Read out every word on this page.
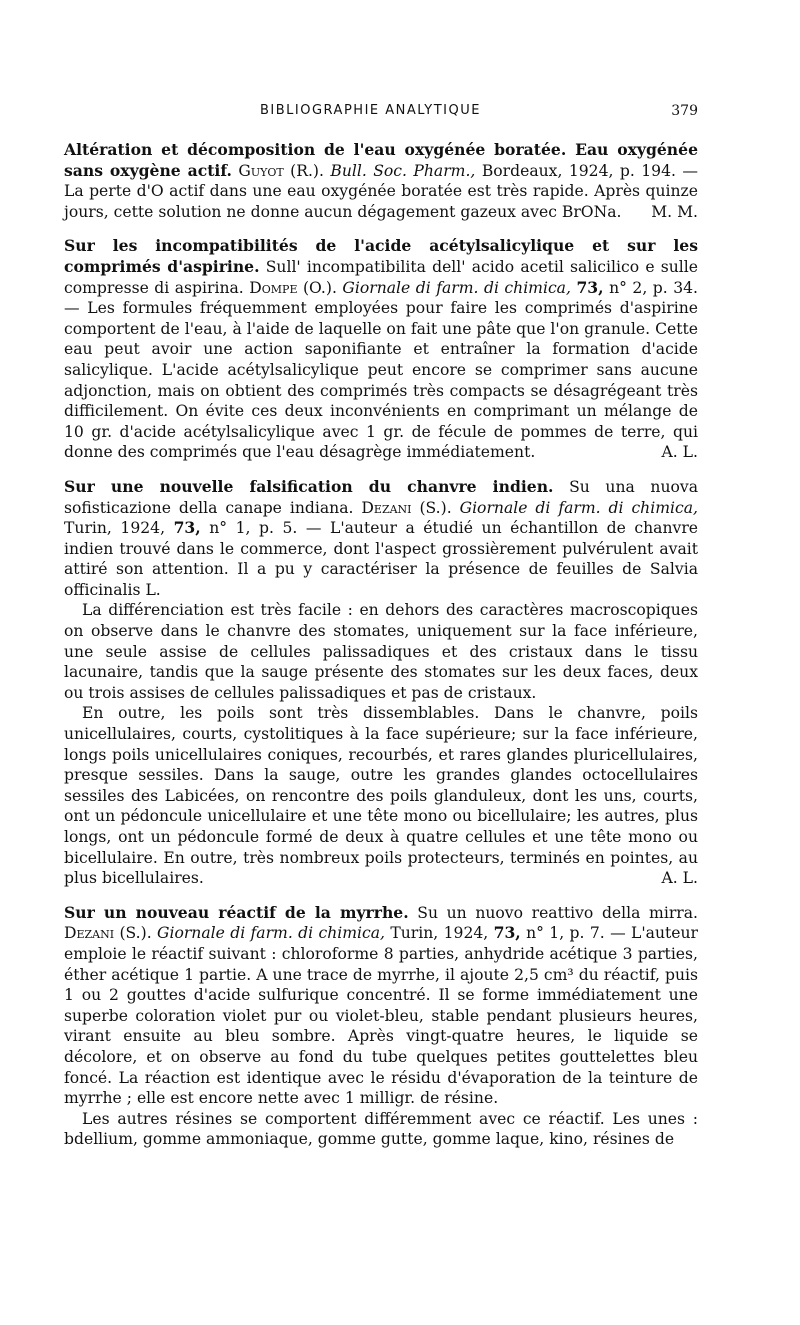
BIBLIOGRAPHIE ANALYTIQUE	379

Altération et décomposition de l'eau oxygénée boratée. Eau oxygénée sans oxygène actif. Guyot (R.). Bull. Soc. Pharm., Bordeaux, 1924, p. 194. — La perte d'O actif dans une eau oxygénée boratée est très rapide. Après quinze jours, cette solution ne donne aucun dégagement gazeux avec BrONa. M. M.

Sur les incompatibilités de l'acide acétylsalicylique et sur les comprimés d'aspirine. Sull' incompatibilita dell' acido acetil salicilico e sulle compresse di aspirina. Dompe (O.). Giornale di farm. di chimica, 73, n° 2, p. 34. — Les formules fréquemment employées pour faire les comprimés d'aspirine comportent de l'eau, à l'aide de laquelle on fait une pâte que l'on granule. Cette eau peut avoir une action saponifiante et entraîner la formation d'acide salicylique. L'acide acétylsalicylique peut encore se comprimer sans aucune adjonction, mais on obtient des comprimés très compacts se désagrégeant très difficilement. On évite ces deux inconvénients en comprimant un mélange de 10 gr. d'acide acétylsalicylique avec 1 gr. de fécule de pommes de terre, qui donne des comprimés que l'eau désagrège immédiatement.	A. L.

Sur une nouvelle falsification du chanvre indien. Su una nuova sofisticazione della canape indiana. Dezani (S.). Giornale di farm. di chimica, Turin, 1924, 73, n° 1, p. 5. — L'auteur a étudié un échantillon de chanvre indien trouvé dans le commerce, dont l'aspect grossièrement pulvérulent avait attiré son attention. Il a pu y caractériser la présence de feuilles de Salvia officinalis L.

La différenciation est très facile : en dehors des caractères macroscopiques on observe dans le chanvre des stomates, uniquement sur la face inférieure, une seule assise de cellules palissadiques et des cristaux dans le tissu lacunaire, tandis que la sauge présente des stomates sur les deux faces, deux ou trois assises de cellules palissadiques et pas de cristaux.

En outre, les poils sont très dissemblables. Dans le chanvre, poils unicellulaires, courts, cystolitiques à la face supérieure; sur la face inférieure, longs poils unicellulaires coniques, recourbés, et rares glandes pluricellulaires, presque sessiles. Dans la sauge, outre les grandes glandes octocellulaires sessiles des Labicées, on rencontre des poils glanduleux, dont les uns, courts, ont un pédoncule unicellulaire et une tête mono ou bicellulaire; les autres, plus longs, ont un pédoncule formé de deux à quatre cellules et une tête mono ou bicellulaire. En outre, très nombreux poils protecteurs, terminés en pointes, au plus bicellulaires.	A. L.

Sur un nouveau réactif de la myrrhe. Su un nuovo reattivo della mirra. Dezani (S.). Giornale di farm. di chimica, Turin, 1924, 73, n° 1, p. 7. — L'auteur emploie le réactif suivant : chloroforme 8 parties, anhydride acétique 3 parties, éther acétique 1 partie. A une trace de myrrhe, il ajoute 2,5 cm³ du réactif, puis 1 ou 2 gouttes d'acide sulfurique concentré. Il se forme immédiatement une superbe coloration violet pur ou violet-bleu, stable pendant plusieurs heures, virant ensuite au bleu sombre. Après vingt-quatre heures, le liquide se décolore, et on observe au fond du tube quelques petites gouttelettes bleu foncé. La réaction est identique avec le résidu d'évaporation de la teinture de myrrhe ; elle est encore nette avec 1 milligr. de résine.

Les autres résines se comportent différemment avec ce réactif. Les unes : bdellium, gomme ammoniaque, gomme gutte, gomme laque, kino, résines de
